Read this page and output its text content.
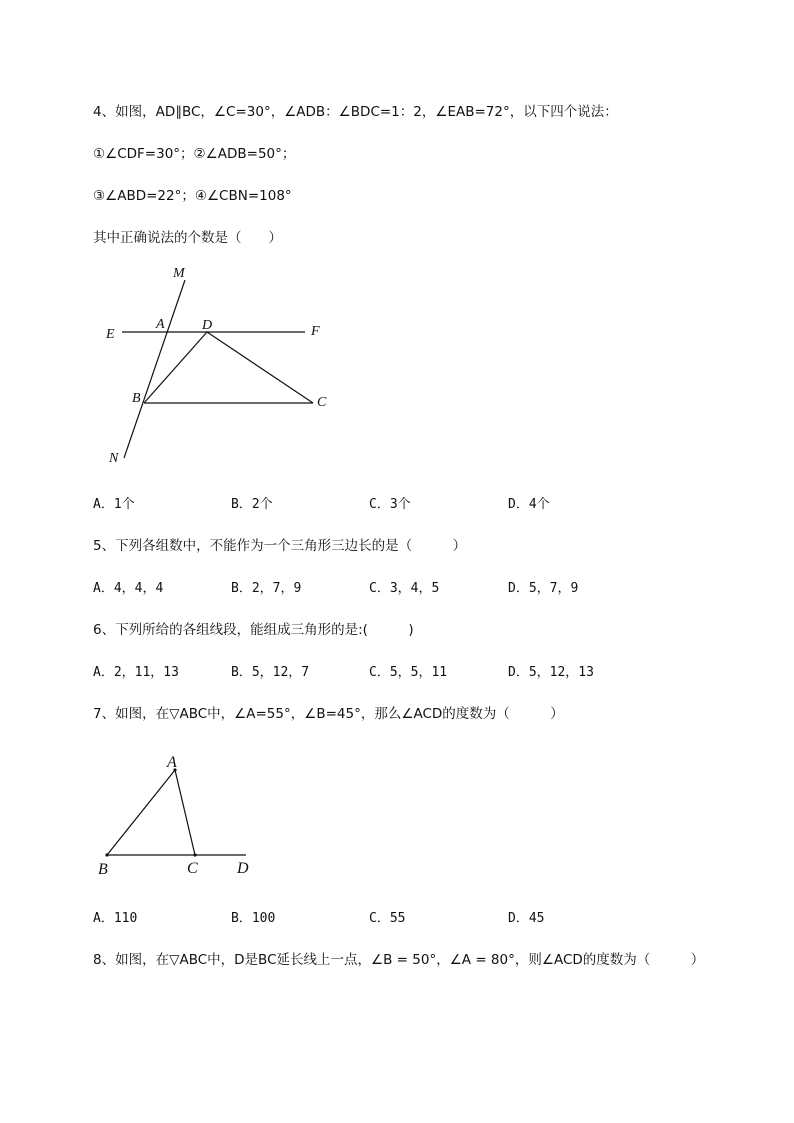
4、如图，AD∥BC，∠C=30°，∠ADB：∠BDC=1：2，∠EAB=72°，以下四个说法：
①∠CDF=30°；②∠ADB=50°；
③∠ABD=22°；④∠CBN=108°
其中正确说法的个数是（　　）
M
A	D
E	F
B	C
N
A．1个	B．2个	C．3个	D．4个
5、下列各组数中，不能作为一个三角形三边长的是（　　　）
A．4，4，4	B．2，7，9	C．3，4，5	D．5，7，9
6、下列所给的各组线段，能组成三角形的是:(　　　)
A．2，11，13	B．5，12，7	C．5，5，11	D．5，12，13
7、如图，在▽ABC中，∠A=55°，∠B=45°，那么∠ACD的度数为（　　　）
A
B	C D
A．110	B．100	C．55	D．45
8、如图，在▽ABC中，D是BC延长线上一点，∠B = 50°，∠A = 80°，则∠ACD的度数为（　　　）
